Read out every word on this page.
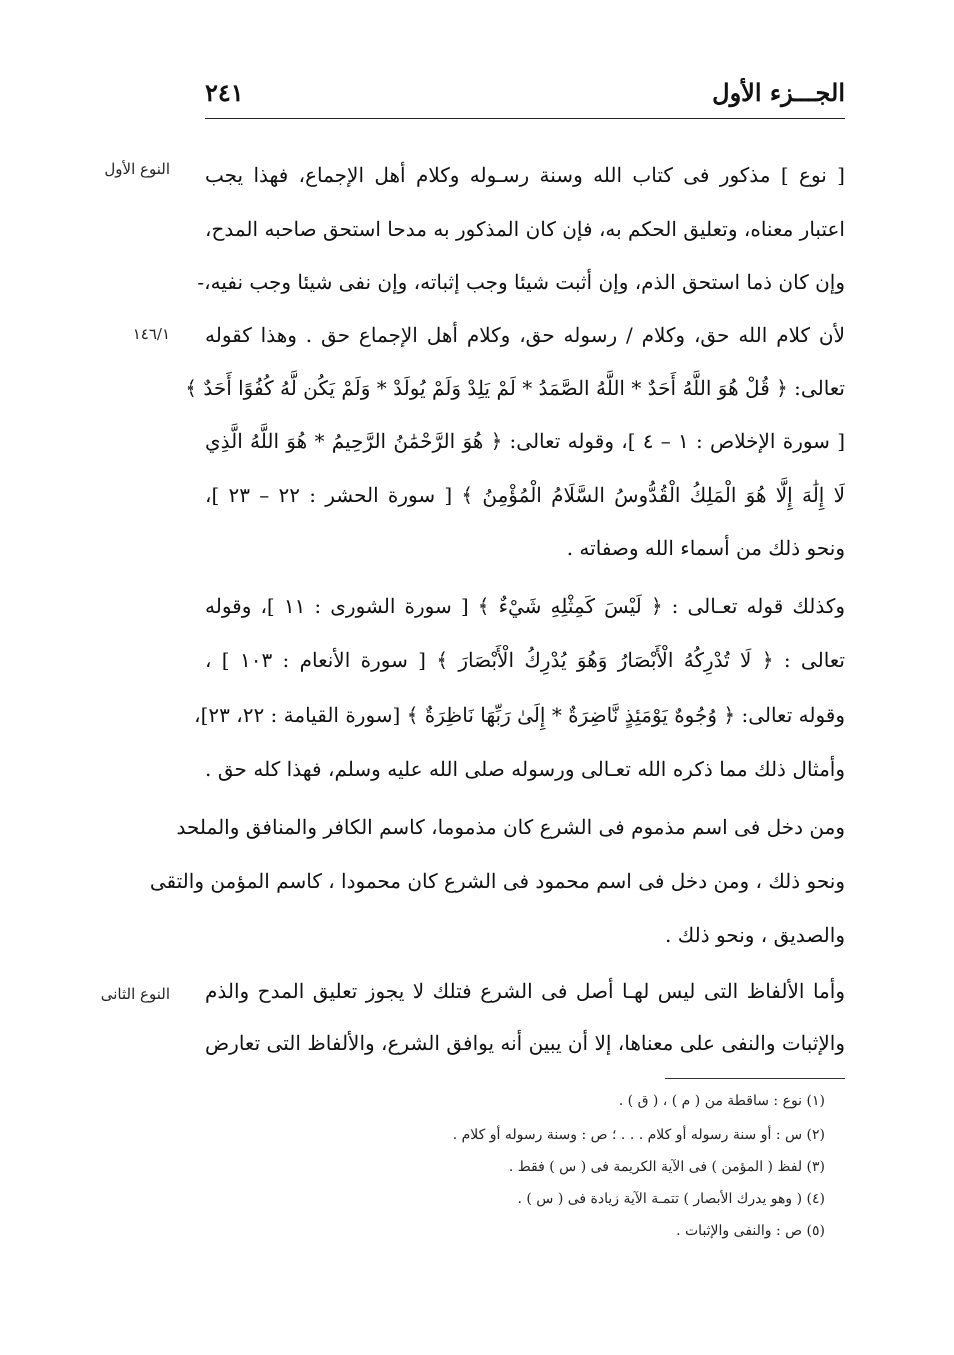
٢٤١	الجـــزء الأول
النوع الأول
١٤٦/١
النوع الثانى
[ نوع ] مذكور فى كتاب الله وسنة رسـوله وكلام أهل الإجماع، فهذا يجب
اعتبار معناه، وتعليق الحكم به، فإن كان المذكور به مدحا استحق صاحبه المدح،
وإن كان ذما استحق الذم، وإن أثبت شيئا وجب إثباته، وإن نفى شيئا وجب نفيه،-
لأن كلام الله حق، وكلام / رسوله حق، وكلام أهل الإجماع حق . وهذا كقوله
تعالى: ﴿ قُلْ هُوَ اللَّهُ أَحَدٌ * اللَّهُ الصَّمَدُ * لَمْ يَلِدْ وَلَمْ يُولَدْ * وَلَمْ يَكُن لَّهُ كُفُوًا أَحَدٌ ﴾
[ سورة الإخلاص : ١ – ٤ ]، وقوله تعالى: ﴿ هُوَ الرَّحْمَٰنُ الرَّحِيمُ * هُوَ اللَّهُ الَّذِي
لَا إِلَٰهَ إِلَّا هُوَ الْمَلِكُ الْقُدُّوسُ السَّلَامُ الْمُؤْمِنُ ﴾ [ سورة الحشر : ٢٢ – ٢٣ ]،
ونحو ذلك من أسماء الله وصفاته .
وكذلك قوله تعـالى : ﴿ لَيْسَ كَمِثْلِهِ شَيْءٌ ﴾ [ سورة الشورى : ١١ ]، وقوله
تعالى : ﴿ لَا تُدْرِكُهُ الْأَبْصَارُ وَهُوَ يُدْرِكُ الْأَبْصَارَ ﴾ [ سورة الأنعام : ١٠٣ ] ،
وقوله تعالى: ﴿ وُجُوهٌ يَوْمَئِذٍ نَّاضِرَةٌ * إِلَىٰ رَبِّهَا نَاظِرَةٌ ﴾ [سورة القيامة : ٢٢، ٢٣]،
وأمثال ذلك مما ذكره الله تعـالى ورسوله صلى الله عليه وسلم، فهذا كله حق .
ومن دخل فى اسم مذموم فى الشرع كان مذموما، كاسم الكافر والمنافق والملحد
ونحو ذلك ، ومن دخل فى اسم محمود فى الشرع كان محمودا ، كاسم المؤمن والتقى
والصديق ، ونحو ذلك .
وأما الألفاظ التى ليس لهـا أصل فى الشرع فتلك لا يجوز تعليق المدح والذم
والإثبات والنفى على معناها، إلا أن يبين أنه يوافق الشرع، والألفاظ التى تعارض
(١) نوع : ساقطة من ( م ) ، ( ق ) .
(٢) س : أو سنة رسوله أو كلام . . . ؛ ص : وسنة رسوله أو كلام .
(٣) لفظ ( المؤمن ) فى الآية الكريمة فى ( س ) فقط .
(٤) ( وهو يدرك الأبصار ) تتمـة الآية زيادة فى ( س ) .
(٥) ص : والنفى والإثبات .
